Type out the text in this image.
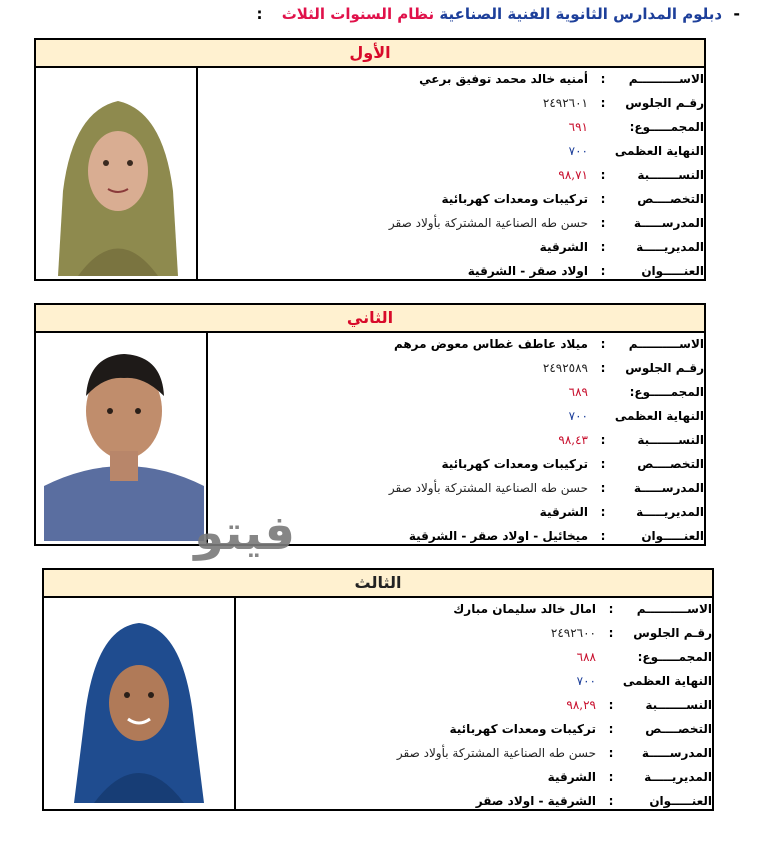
- دبلوم المدارس الثانوية الفنية الصناعية نظام السنوات الثلاث :
الأول
الاســــــــــم
:
أمنيه خالد محمد توفيق برعي
رقـم الجلوس
:
٢٤٩٢٦٠١
المجمـــــوع:
٦٩١
النهاية العظمى
٧٠٠
النســـــــبة
:
٩٨,٧١
التخصــــص
:
تركيبات ومعدات كهربائية
المدرســـــة
:
حسن طه الصناعية المشتركة بأولاد صقر
المديريـــــة
:
الشرقية
العنـــــوان
:
اولاد صقر - الشرقية
الثاني
الاســــــــــم
:
ميلاد عاطف غطاس معوض مرهم
رقـم الجلوس
:
٢٤٩٢٥٨٩
المجمـــــوع:
٦٨٩
النهاية العظمى
٧٠٠
النســـــــبة
:
٩٨,٤٣
التخصــــص
:
تركيبات ومعدات كهربائية
المدرســـــة
:
حسن طه الصناعية المشتركة بأولاد صقر
المديريـــــة
:
الشرقية
العنـــــوان
:
ميخائيل - اولاد صقر - الشرقية
فيتو
الثالث
الاســــــــــم
:
امال خالد سليمان مبارك
رقـم الجلوس
:
٢٤٩٢٦٠٠
المجمـــــوع:
٦٨٨
النهاية العظمى
٧٠٠
النســـــــبة
:
٩٨,٢٩
التخصــــص
:
تركيبات ومعدات كهربائية
المدرســـــة
:
حسن طه الصناعية المشتركة بأولاد صقر
المديريـــــة
:
الشرقية
العنـــــوان
:
الشرقية - اولاد صقر
